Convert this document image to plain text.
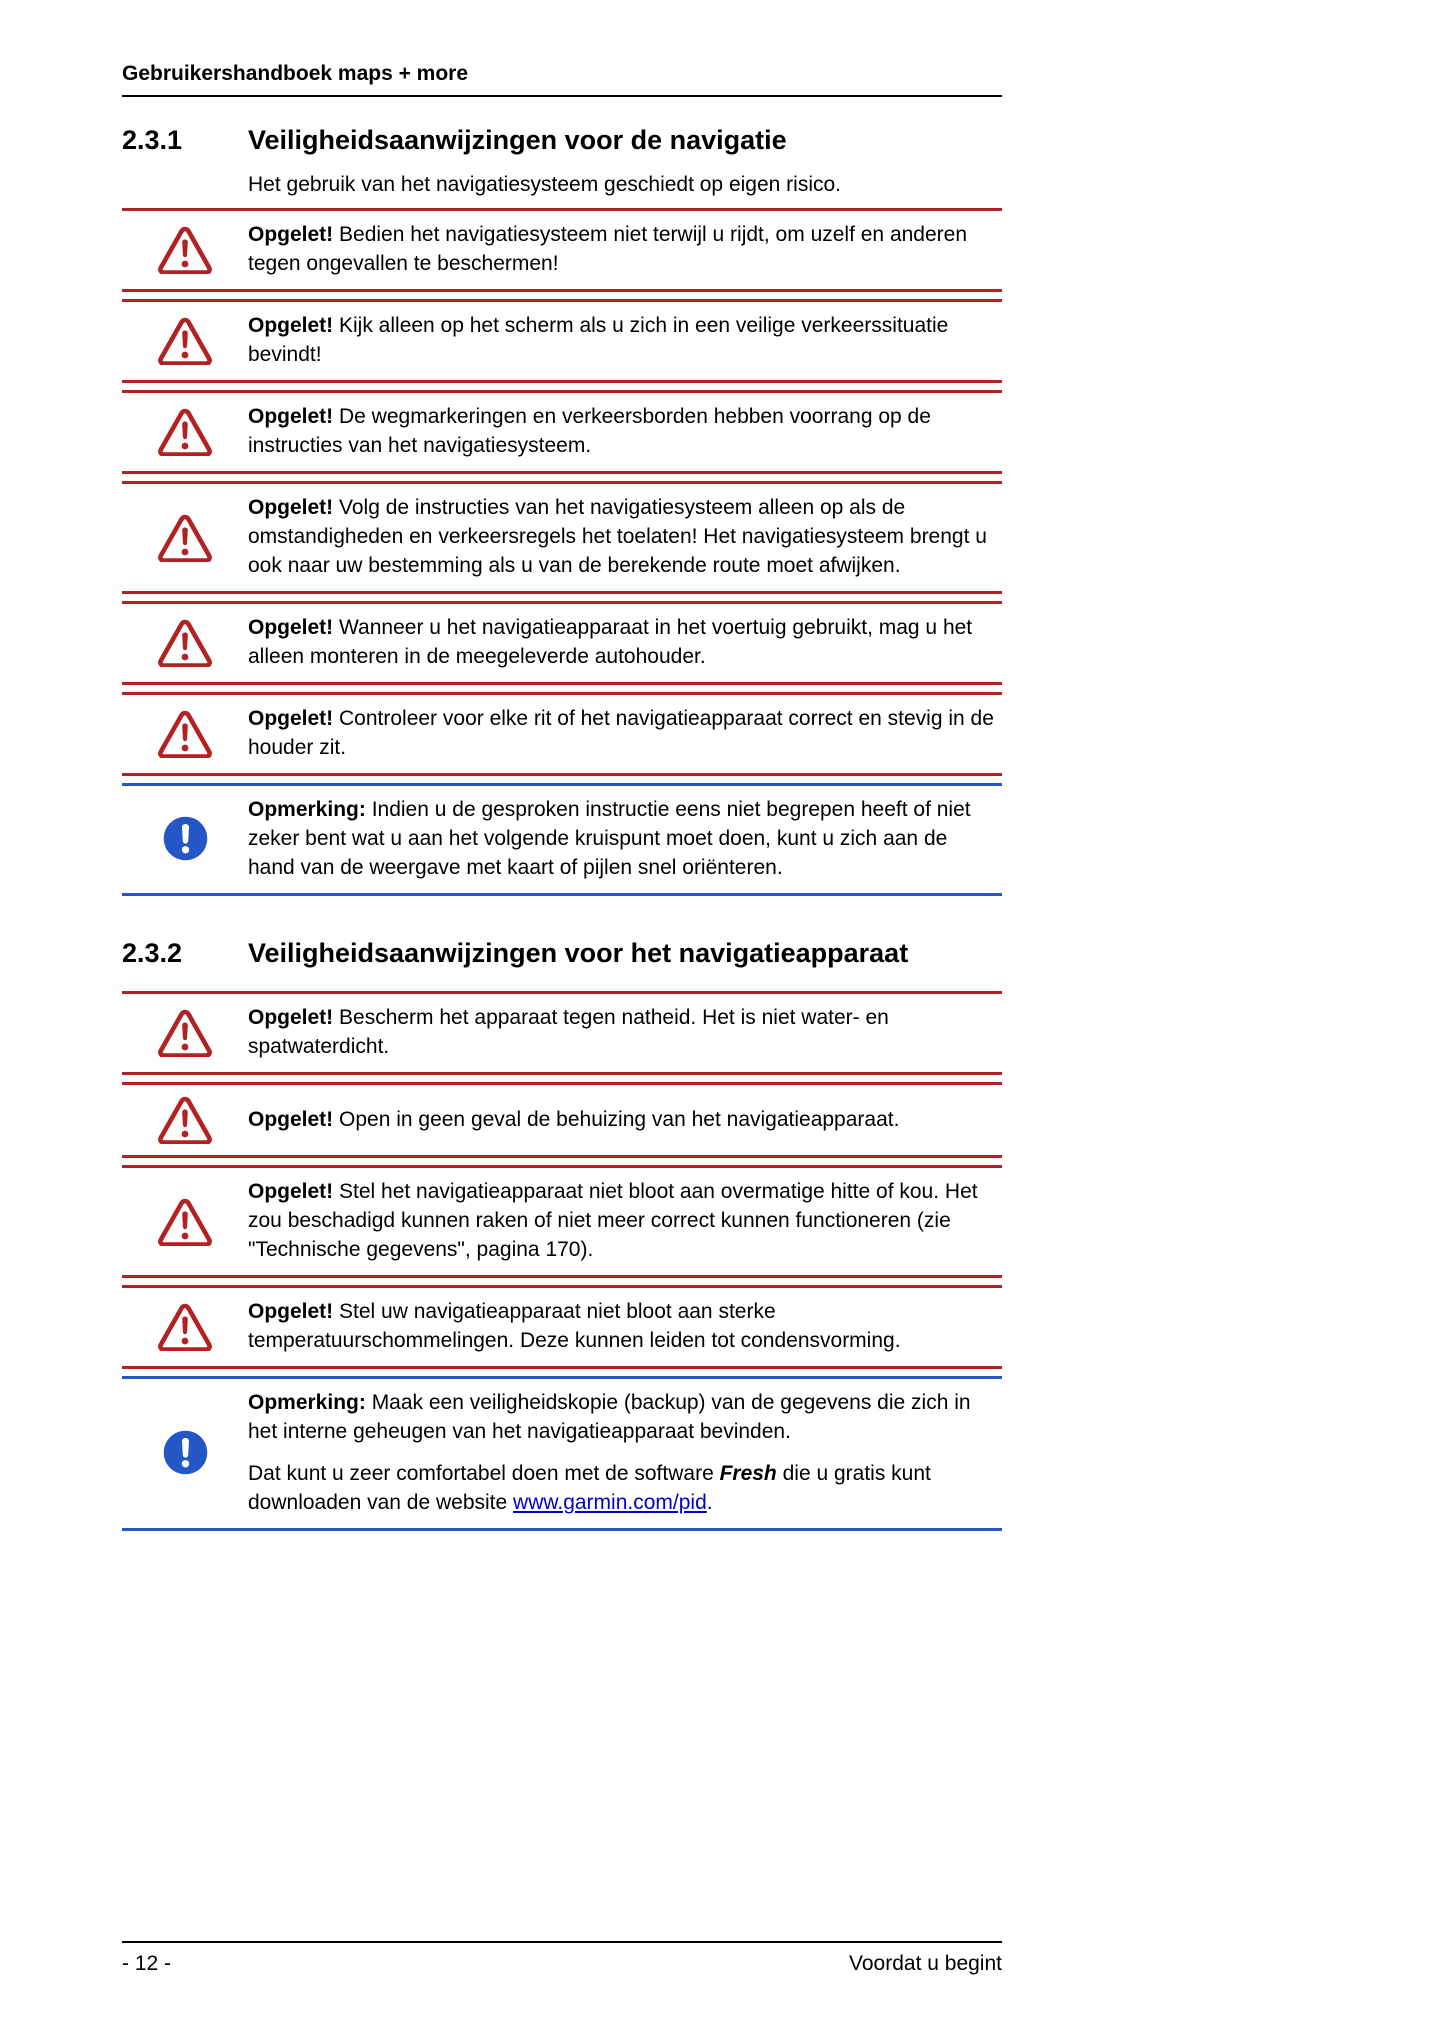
Gebruikershandboek maps + more
2.3.1	Veiligheidsaanwijzingen voor de navigatie

Het gebruik van het navigatiesysteem geschiedt op eigen risico.

Opgelet! Bedien het navigatiesysteem niet terwijl u rijdt, om uzelf en anderen tegen ongevallen te beschermen!

Opgelet! Kijk alleen op het scherm als u zich in een veilige verkeerssituatie bevindt!

Opgelet! De wegmarkeringen en verkeersborden hebben voorrang op de instructies van het navigatiesysteem.

Opgelet! Volg de instructies van het navigatiesysteem alleen op als de omstandigheden en verkeersregels het toelaten! Het navigatiesysteem brengt u ook naar uw bestemming als u van de berekende route moet afwijken.

Opgelet! Wanneer u het navigatieapparaat in het voertuig gebruikt, mag u het alleen monteren in de meegeleverde autohouder.

Opgelet! Controleer voor elke rit of het navigatieapparaat correct en stevig in de houder zit.

Opmerking: Indien u de gesproken instructie eens niet begrepen heeft of niet zeker bent wat u aan het volgende kruispunt moet doen, kunt u zich aan de hand van de weergave met kaart of pijlen snel oriënteren.

2.3.2	Veiligheidsaanwijzingen voor het navigatieapparaat

Opgelet! Bescherm het apparaat tegen natheid. Het is niet water- en spatwaterdicht.

Opgelet! Open in geen geval de behuizing van het navigatieapparaat.

Opgelet! Stel het navigatieapparaat niet bloot aan overmatige hitte of kou. Het zou beschadigd kunnen raken of niet meer correct kunnen functioneren (zie "Technische gegevens", pagina 170).

Opgelet! Stel uw navigatieapparaat niet bloot aan sterke temperatuurschommelingen. Deze kunnen leiden tot condensvorming.

Opmerking: Maak een veiligheidskopie (backup) van de gegevens die zich in het interne geheugen van het navigatieapparaat bevinden.

Dat kunt u zeer comfortabel doen met de software Fresh die u gratis kunt downloaden van de website www.garmin.com/pid.

- 12 -	Voordat u begint
